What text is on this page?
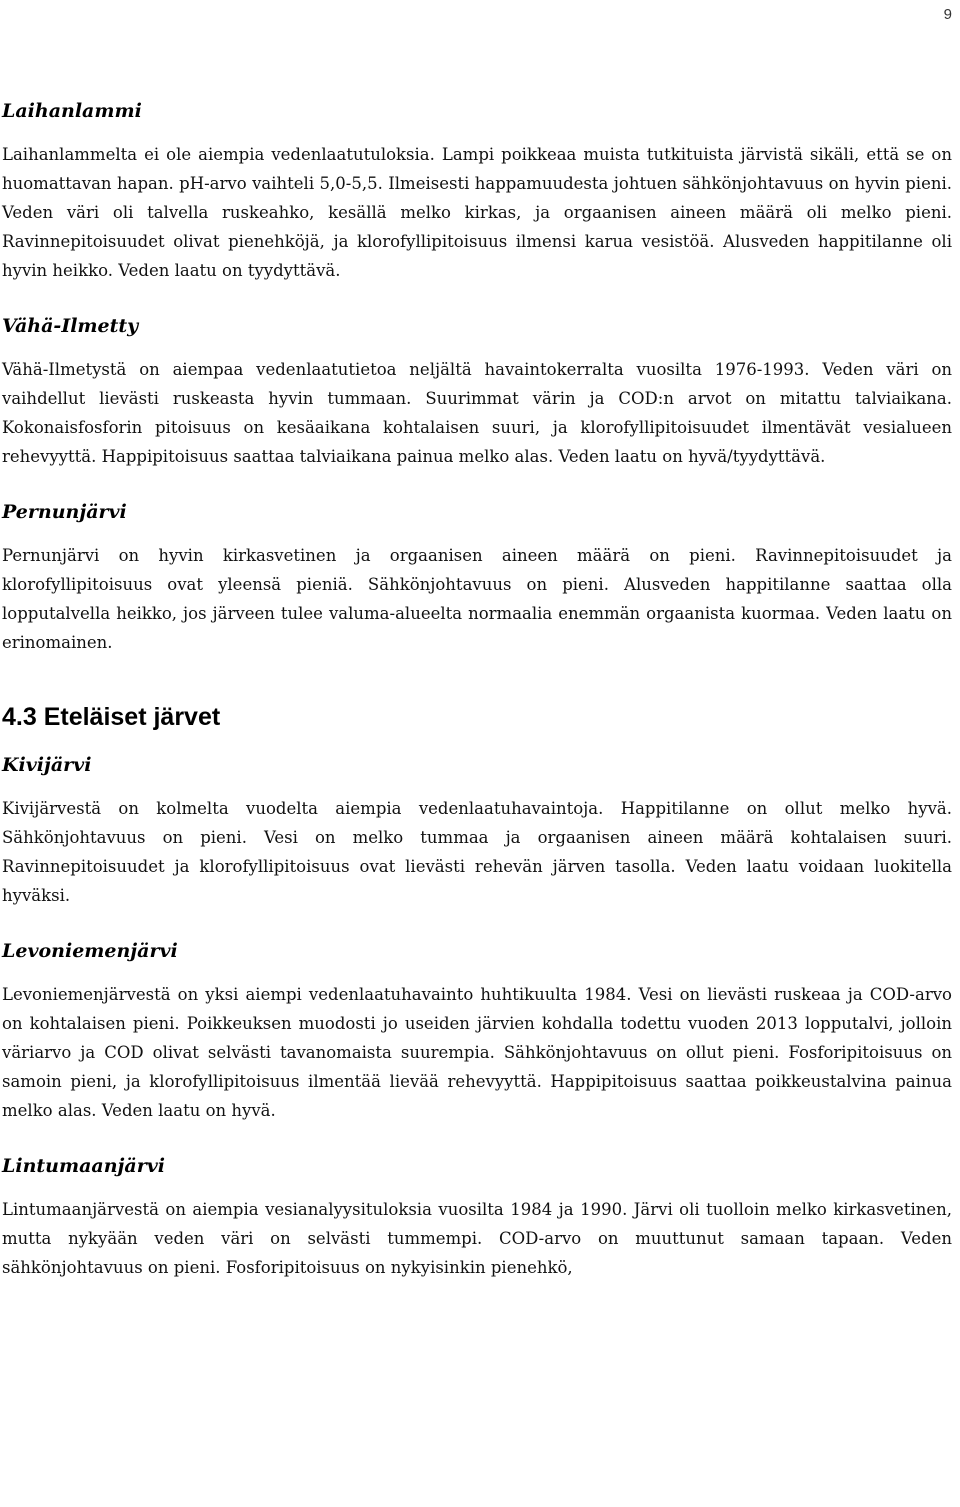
9
Laihanlammi

Laihanlammelta ei ole aiempia vedenlaatutuloksia. Lampi poikkeaa muista tutkituista järvistä sikäli, että se on huomattavan hapan. pH-arvo vaihteli 5,0-5,5. Ilmeisesti happamuudesta johtuen sähkönjohtavuus on hyvin pieni. Veden väri oli talvella ruskeahko, kesällä melko kirkas, ja orgaanisen aineen määrä oli melko pieni. Ravinnepitoisuudet olivat pienehköjä, ja klorofyllipitoisuus ilmensi karua vesistöä. Alusveden happitilanne oli hyvin heikko. Veden laatu on tyydyttävä.

Vähä-Ilmetty

Vähä-Ilmetystä on aiempaa vedenlaatutietoa neljältä havaintokerralta vuosilta 1976-1993. Veden väri on vaihdellut lievästi ruskeasta hyvin tummaan. Suurimmat värin ja COD:n arvot on mitattu talviaikana. Kokonaisfosforin pitoisuus on kesäaikana kohtalaisen suuri, ja klorofyllipitoisuudet ilmentävät vesialueen rehevyyttä. Happipitoisuus saattaa talviaikana painua melko alas. Veden laatu on hyvä/tyydyttävä.

Pernunjärvi

Pernunjärvi on hyvin kirkasvetinen ja orgaanisen aineen määrä on pieni. Ravinnepitoisuudet ja klorofyllipitoisuus ovat yleensä pieniä. Sähkönjohtavuus on pieni. Alusveden happitilanne saattaa olla lopputalvella heikko, jos järveen tulee valuma-alueelta normaalia enemmän orgaanista kuormaa. Veden laatu on erinomainen.

4.3 Eteläiset järvet
Kivijärvi

Kivijärvestä on kolmelta vuodelta aiempia vedenlaatuhavaintoja. Happitilanne on ollut melko hyvä. Sähkönjohtavuus on pieni. Vesi on melko tummaa ja orgaanisen aineen määrä kohtalaisen suuri. Ravinnepitoisuudet ja klorofyllipitoisuus ovat lievästi rehevän järven tasolla. Veden laatu voidaan luokitella hyväksi.

Levoniemenjärvi

Levoniemenjärvestä on yksi aiempi vedenlaatuhavainto huhtikuulta 1984. Vesi on lievästi ruskeaa ja COD-arvo on kohtalaisen pieni. Poikkeuksen muodosti jo useiden järvien kohdalla todettu vuoden 2013 lopputalvi, jolloin väriarvo ja COD olivat selvästi tavanomaista suurempia. Sähkönjohtavuus on ollut pieni. Fosforipitoisuus on samoin pieni, ja klorofyllipitoisuus ilmentää lievää rehevyyttä. Happipitoisuus saattaa poikkeustalvina painua melko alas. Veden laatu on hyvä.

Lintumaanjärvi

Lintumaanjärvestä on aiempia vesianalyysituloksia vuosilta 1984 ja 1990. Järvi oli tuolloin melko kirkasvetinen, mutta nykyään veden väri on selvästi tummempi. COD-arvo on muuttunut samaan tapaan. Veden sähkönjohtavuus on pieni. Fosforipitoisuus on nykyisinkin pienehkö,
